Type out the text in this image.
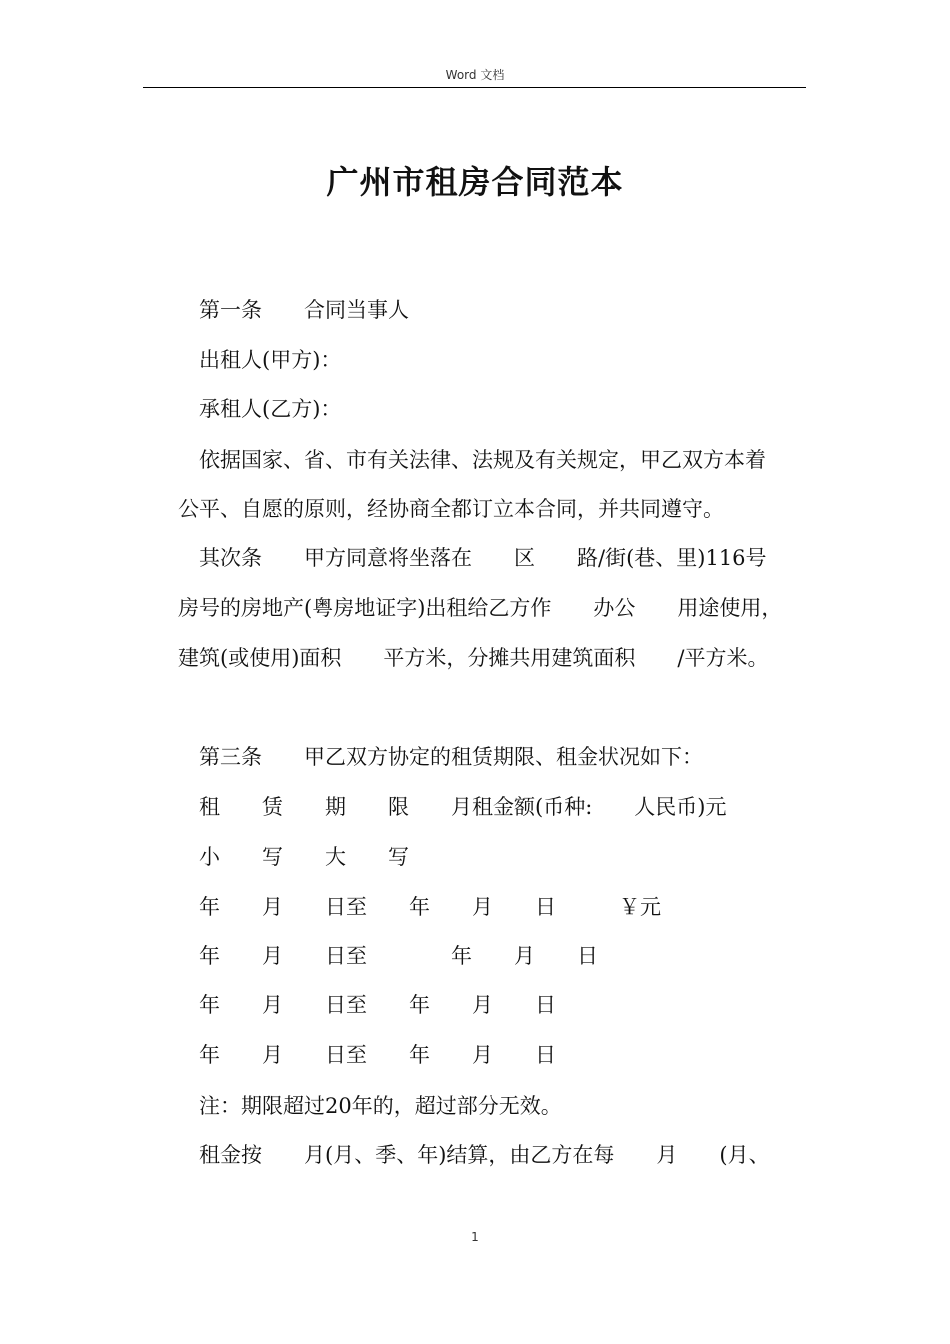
Word 文档
广州市租房合同范本

第一条　　合同当事人

出租人(甲方)：

承租人(乙方)：

依据国家、省、市有关法律、法规及有关规定，甲乙双方本着

公平、自愿的原则，经协商全都订立本合同，并共同遵守。

其次条　　甲方同意将坐落在　　区　　路/街(巷、里)116号

房号的房地产(粤房地证字)出租给乙方作　　办公　　用途使用，

建筑(或使用)面积　　平方米，分摊共用建筑面积　　/平方米。

第三条　　甲乙双方协定的租赁期限、租金状况如下：

租　　赁　　期　　限　　月租金额(币种:　　人民币)元

小　　写　　大　　写

年　　月　　日至　　年　　月　　日　　　￥元

年　　月　　日至　　　　年　　月　　日

年　　月　　日至　　年　　月　　日

年　　月　　日至　　年　　月　　日

注：期限超过20年的，超过部分无效。

租金按　　月(月、季、年)结算，由乙方在每　　月　　(月、

1
